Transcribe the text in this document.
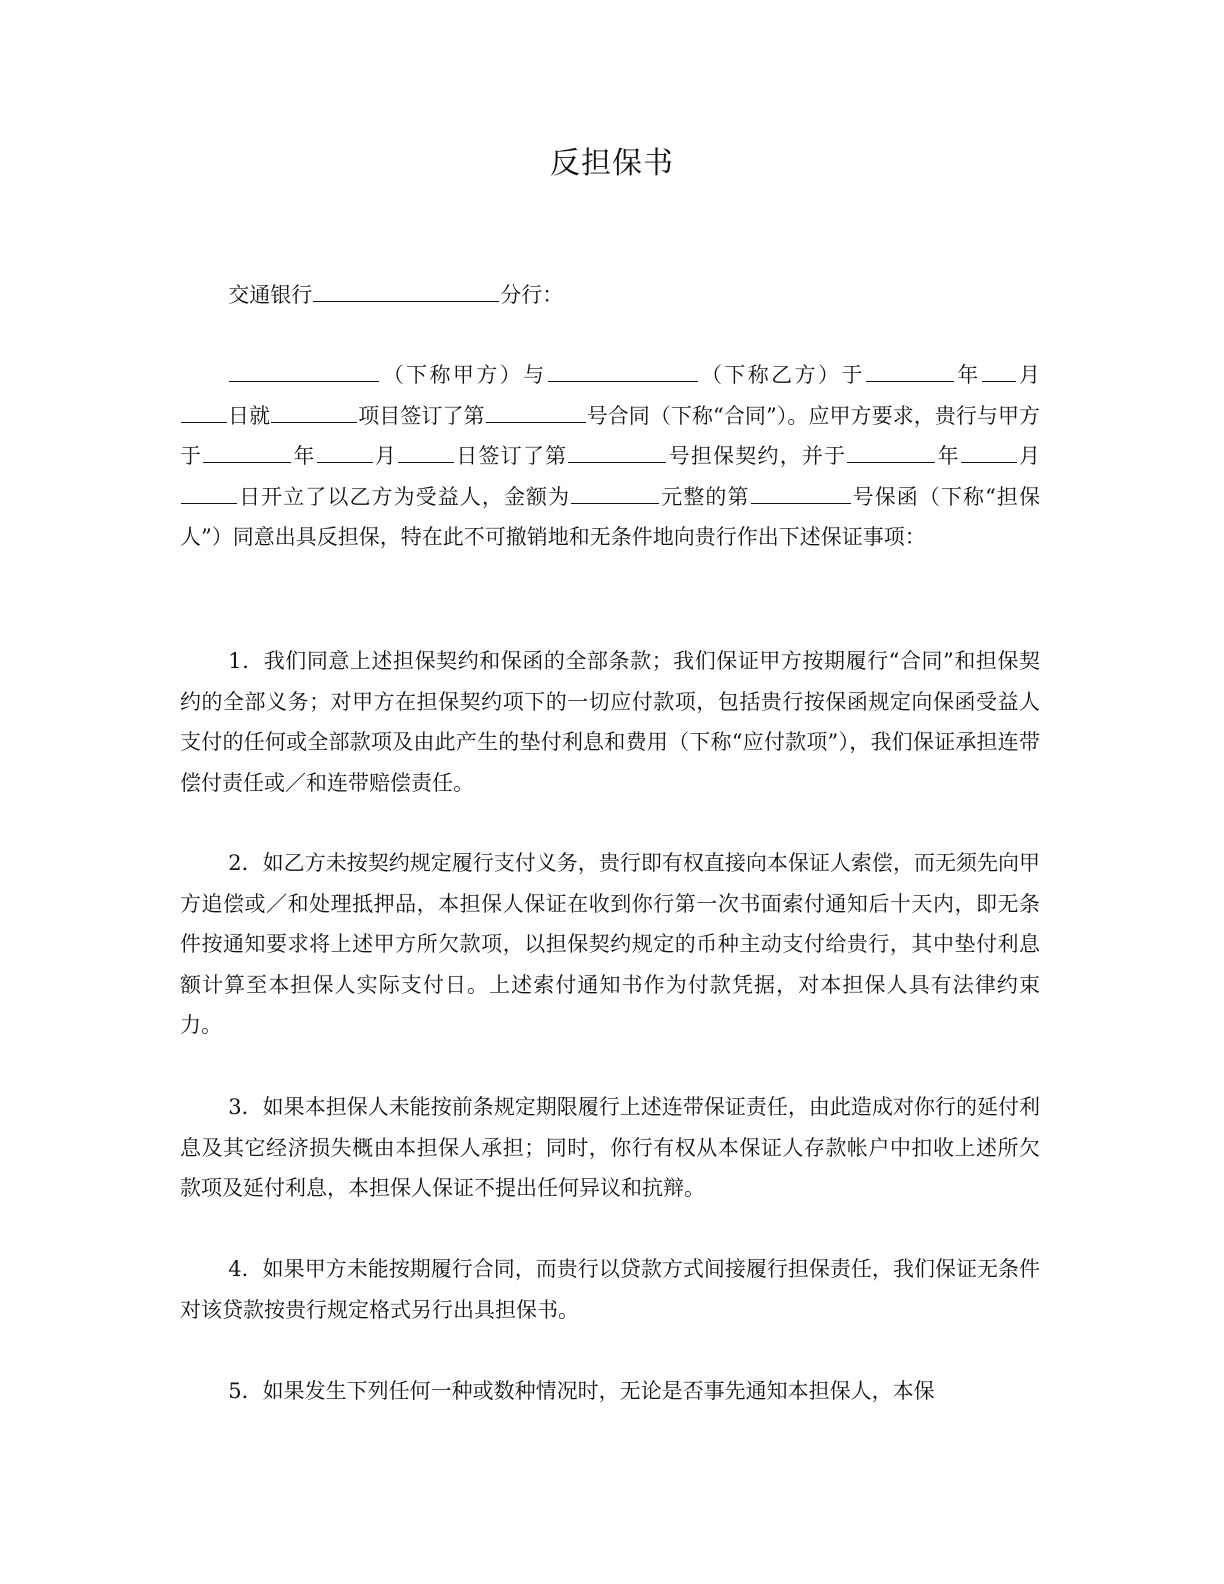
反担保书
交通银行	分行：
（下称甲方）与	（下称乙方）于	年 月日就	项目签订了第	号合同（下称“合同”）。应甲方要求，贵行与甲方于	年	月	日签订了第	号担保契约，并于	年	月日开立了以乙方为受益人，金额为	元整的第	号保函（下称“担保人”）同意出具反担保，特在此不可撤销地和无条件地向贵行作出下述保证事项：
1．我们同意上述担保契约和保函的全部条款；我们保证甲方按期履行“合同”和担保契约的全部义务；对甲方在担保契约项下的一切应付款项，包括贵行按保函规定向保函受益人支付的任何或全部款项及由此产生的垫付利息和费用（下称“应付款项”），我们保证承担连带偿付责任或／和连带赔偿责任。
2．如乙方未按契约规定履行支付义务，贵行即有权直接向本保证人索偿，而无须先向甲方追偿或／和处理抵押品，本担保人保证在收到你行第一次书面索付通知后十天内，即无条件按通知要求将上述甲方所欠款项，以担保契约规定的币种主动支付给贵行，其中垫付利息额计算至本担保人实际支付日。上述索付通知书作为付款凭据，对本担保人具有法律约束力。
3．如果本担保人未能按前条规定期限履行上述连带保证责任，由此造成对你行的延付利息及其它经济损失概由本担保人承担；同时，你行有权从本保证人存款帐户中扣收上述所欠款项及延付利息，本担保人保证不提出任何异议和抗辩。
4．如果甲方未能按期履行合同，而贵行以贷款方式间接履行担保责任，我们保证无条件对该贷款按贵行规定格式另行出具担保书。
5．如果发生下列任何一种或数种情况时，无论是否事先通知本担保人，本保
